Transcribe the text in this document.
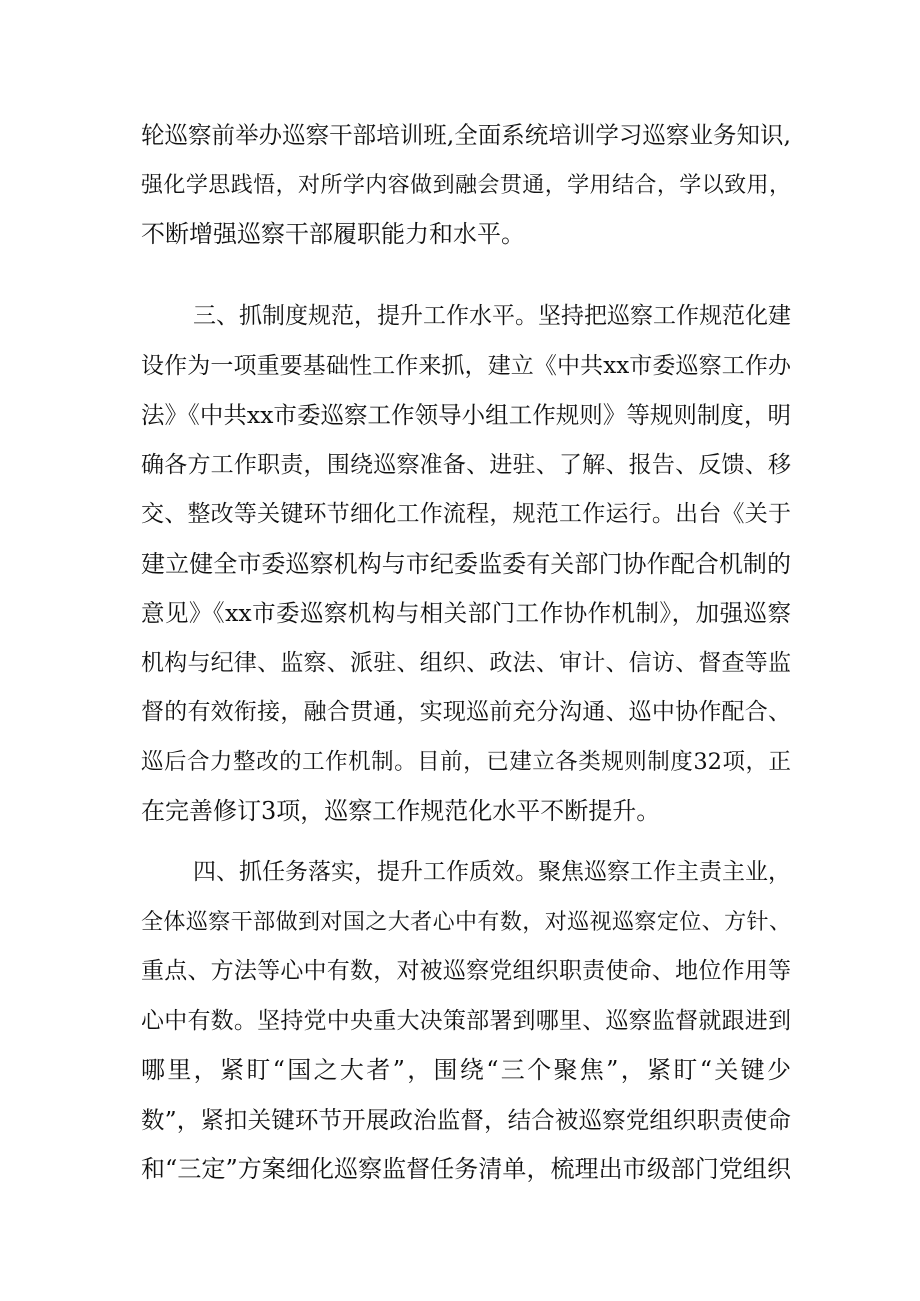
轮巡察前举办巡察干部培训班,全面系统培训学习巡察业务知识,
强化学思践悟，对所学内容做到融会贯通，学用结合，学以致用，
不断增强巡察干部履职能力和水平。
三、抓制度规范，提升工作水平。坚持把巡察工作规范化建
设作为一项重要基础性工作来抓，建立《中共xx市委巡察工作办
法》《中共xx市委巡察工作领导小组工作规则》等规则制度，明
确各方工作职责，围绕巡察准备、进驻、了解、报告、反馈、移
交、整改等关键环节细化工作流程，规范工作运行。出台《关于
建立健全市委巡察机构与市纪委监委有关部门协作配合机制的
意见》《xx市委巡察机构与相关部门工作协作机制》，加强巡察
机构与纪律、监察、派驻、组织、政法、审计、信访、督查等监
督的有效衔接，融合贯通，实现巡前充分沟通、巡中协作配合、
巡后合力整改的工作机制。目前，已建立各类规则制度32项，正
在完善修订3项，巡察工作规范化水平不断提升。
四、抓任务落实，提升工作质效。聚焦巡察工作主责主业，
全体巡察干部做到对国之大者心中有数，对巡视巡察定位、方针、
重点、方法等心中有数，对被巡察党组织职责使命、地位作用等
心中有数。坚持党中央重大决策部署到哪里、巡察监督就跟进到
哪里，紧盯“国之大者”，围绕“三个聚焦”，紧盯“关键少
数”，紧扣关键环节开展政治监督，结合被巡察党组织职责使命
和“三定”方案细化巡察监督任务清单，梳理出市级部门党组织
